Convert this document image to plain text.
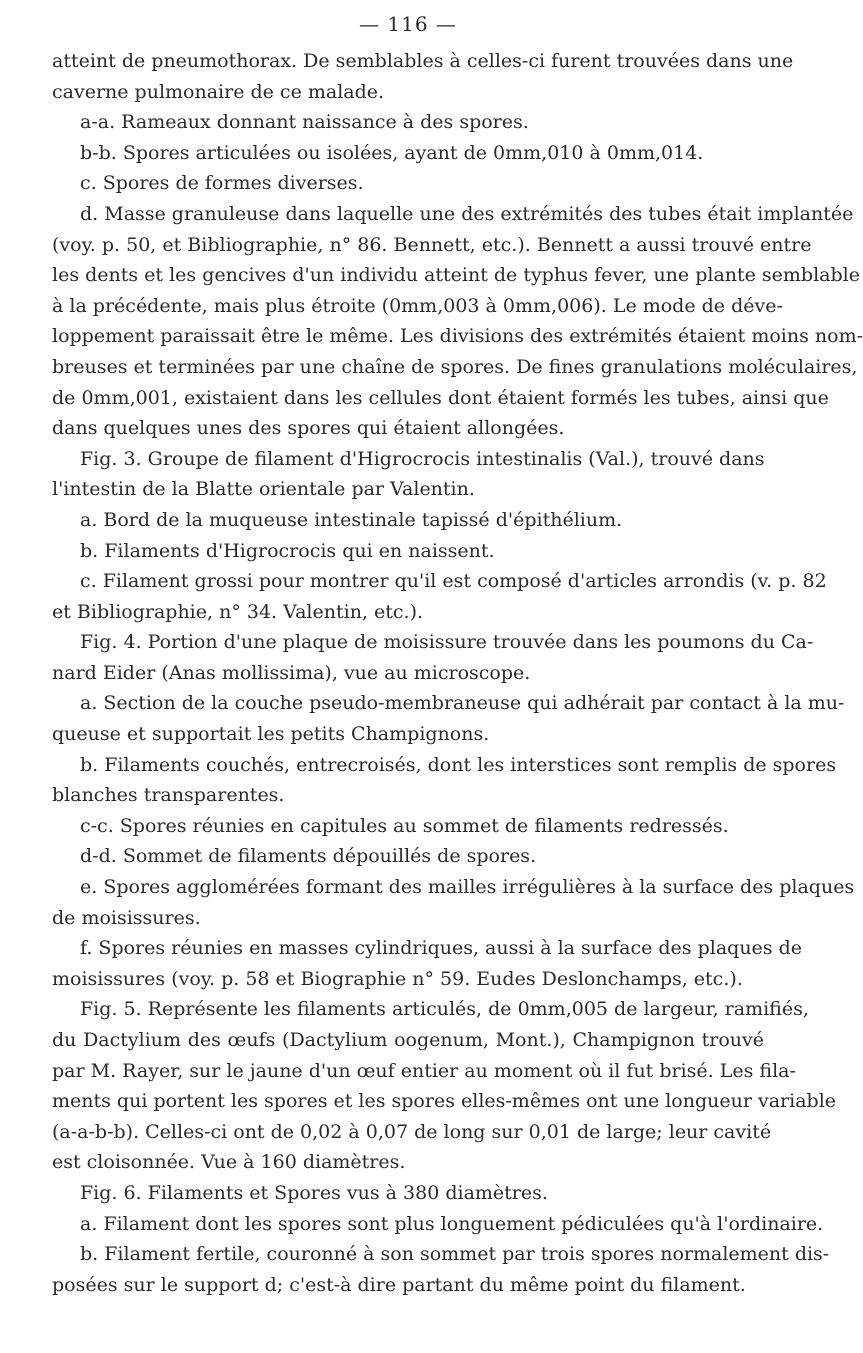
— 116 —
atteint de pneumothorax. De semblables à celles-ci furent trouvées dans une
caverne pulmonaire de ce malade.
a-a. Rameaux donnant naissance à des spores.
b-b. Spores articulées ou isolées, ayant de 0mm,010 à 0mm,014.
c. Spores de formes diverses.
d. Masse granuleuse dans laquelle une des extrémités des tubes était implantée
(voy. p. 50, et Bibliographie, n° 86. Bennett, etc.). Bennett a aussi trouvé entre
les dents et les gencives d'un individu atteint de typhus fever, une plante semblable
à la précédente, mais plus étroite (0mm,003 à 0mm,006). Le mode de déve-
loppement paraissait être le même. Les divisions des extrémités étaient moins nom-
breuses et terminées par une chaîne de spores. De fines granulations moléculaires,
de 0mm,001, existaient dans les cellules dont étaient formés les tubes, ainsi que
dans quelques unes des spores qui étaient allongées.
Fig. 3. Groupe de filament d'Higrocrocis intestinalis (Val.), trouvé dans
l'intestin de la Blatte orientale par Valentin.
a. Bord de la muqueuse intestinale tapissé d'épithélium.
b. Filaments d'Higrocrocis qui en naissent.
c. Filament grossi pour montrer qu'il est composé d'articles arrondis (v. p. 82
et Bibliographie, n° 34. Valentin, etc.).
Fig. 4. Portion d'une plaque de moisissure trouvée dans les poumons du Ca-
nard Eider (Anas mollissima), vue au microscope.
a. Section de la couche pseudo-membraneuse qui adhérait par contact à la mu-
queuse et supportait les petits Champignons.
b. Filaments couchés, entrecroisés, dont les interstices sont remplis de spores
blanches transparentes.
c-c. Spores réunies en capitules au sommet de filaments redressés.
d-d. Sommet de filaments dépouillés de spores.
e. Spores agglomérées formant des mailles irrégulières à la surface des plaques
de moisissures.
f. Spores réunies en masses cylindriques, aussi à la surface des plaques de
moisissures (voy. p. 58 et Biographie n° 59. Eudes Deslonchamps, etc.).
Fig. 5. Représente les filaments articulés, de 0mm,005 de largeur, ramifiés,
du Dactylium des œufs (Dactylium oogenum, Mont.), Champignon trouvé
par M. Rayer, sur le jaune d'un œuf entier au moment où il fut brisé. Les fila-
ments qui portent les spores et les spores elles-mêmes ont une longueur variable
(a-a-b-b). Celles-ci ont de 0,02 à 0,07 de long sur 0,01 de large; leur cavité
est cloisonnée. Vue à 160 diamètres.
Fig. 6. Filaments et Spores vus à 380 diamètres.
a. Filament dont les spores sont plus longuement pédiculées qu'à l'ordinaire.
b. Filament fertile, couronné à son sommet par trois spores normalement dis-
posées sur le support d; c'est-à dire partant du même point du filament.
